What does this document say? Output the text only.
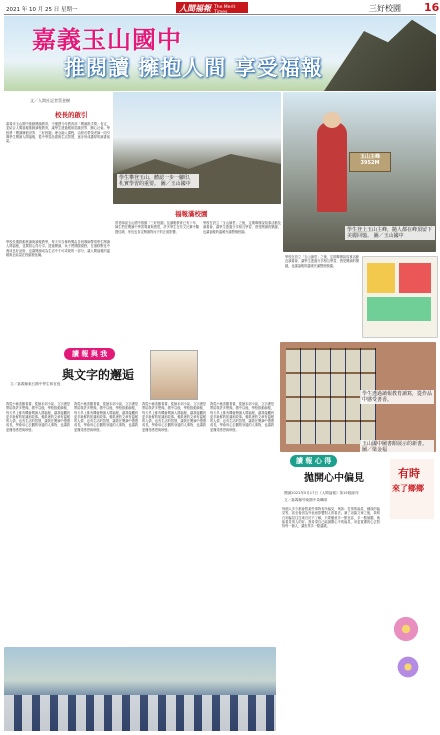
2021 年 10 月 25 日 星期一	人間福報 The Merit Times	三好校園 16
嘉義玉山國中
推閱讀 擁抱人間 享受福報
文／人間社記者蔡金樹
校長的啟引
嘉義市玉山國中推動閱讀教育，不僅獲今年教育部「閱讀推手獎」肯定，並結合人間福報推動讀報教育，讓學生透過報紙認識世界、關心社會。學校將「閱讀擁抱世界、三好校園」理念融入課程，由校長帶領老師一同引導學生閱讀人間福報，從中學習品德與生活智慧，逐步形成濃厚的讀書風氣。
學校長期推動晨讀與讀報教學，每天早自修時間由各班導師帶領學生閱讀人間福報，並撰寫心得分享。透過閱讀，孩子們開闊視野，在潛移默化中養成良好品格，也讓閱讀成為生活中不可或缺的一部分，讓人間福報的溫暖與正能量在校園裡延續。
學生攀登玉山，體認一步一腳印，札實學習的重要。 圖／玉山國中
玉山主峰
3952M
學生登上玉山主峰，隨人都在峰頂留下美麗回憶。 圖／玉山國中
福報滿校園
曾老師說玉山國中推動「三好校園」及讀報教育已有十年，師生們在閱讀中學習尊重與感恩，許多學生在作文比賽中屢獲佳績，家長也肯定閱讀對孩子的正面影響。
學校在設立「玉山讀堂」之後，定期舉辦說故事活動及讀書會，讓學生透過分享相互學習，感受閱讀的樂趣，也讓福報的溫暖充滿整個校園。
學校在設立「玉山讀堂」之後，定期舉辦說故事活動及讀書會，讓學生透過分享相互學習，感受閱讀的樂趣，也讓福報的溫暖充滿整個校園。
學生透過讀報教育讀寫，從作品中感受書香。
玉山國中圖書館展示的新書。 圖／梁金福
讀 報 與 我
與文字的邂逅
文／嘉義縣東石國中學生林宜庭
我從小就喜歡看書，從繪本到小說，文字總是帶給我許多想像。國中以後，學校推動讀報，每天早上都有機會閱讀人間福報，讓我接觸到更多新鮮的知識和故事。報紙裡的文章有溫暖的人情，也有生活的智慧，讓我在閱讀中慢慢成長，學會用心去觀察身邊的人事物，也讓我更懂得感恩與珍惜。
我從小就喜歡看書，從繪本到小說，文字總是帶給我許多想像。國中以後，學校推動讀報，每天早上都有機會閱讀人間福報，讓我接觸到更多新鮮的知識和故事。報紙裡的文章有溫暖的人情，也有生活的智慧，讓我在閱讀中慢慢成長，學會用心去觀察身邊的人事物，也讓我更懂得感恩與珍惜。
我從小就喜歡看書，從繪本到小說，文字總是帶給我許多想像。國中以後，學校推動讀報，每天早上都有機會閱讀人間福報，讓我接觸到更多新鮮的知識和故事。報紙裡的文章有溫暖的人情，也有生活的智慧，讓我在閱讀中慢慢成長，學會用心去觀察身邊的人事物，也讓我更懂得感恩與珍惜。
我從小就喜歡看書，從繪本到小說，文字總是帶給我許多想像。國中以後，學校推動讀報，每天早上都有機會閱讀人間福報，讓我接觸到更多新鮮的知識和故事。報紙裡的文章有溫暖的人情，也有生活的智慧，讓我在閱讀中慢慢成長，學會用心去觀察身邊的人事物，也讓我更懂得感恩與珍惜。
讀 報 心 得
拋開心中偏見
閱讀2021年5月17日《人間福報》第15版副刊
文／嘉義縣竹崎國中黃珮晴
有時
來了鄉鄉
每個人多少都會對某些事物有所偏見，例如：性別的偏見、種族的偏見等，甚至會因為外表而影響對人的看法。讀了這篇文章之後，我明白到偏見往往來自於不了解，只要願意多一點包容，多一點傾聽，就能看見別人的好。我希望自己能拋開心中的偏見，用更寬廣的心去對待每一個人，讓世界多一點溫暖。
